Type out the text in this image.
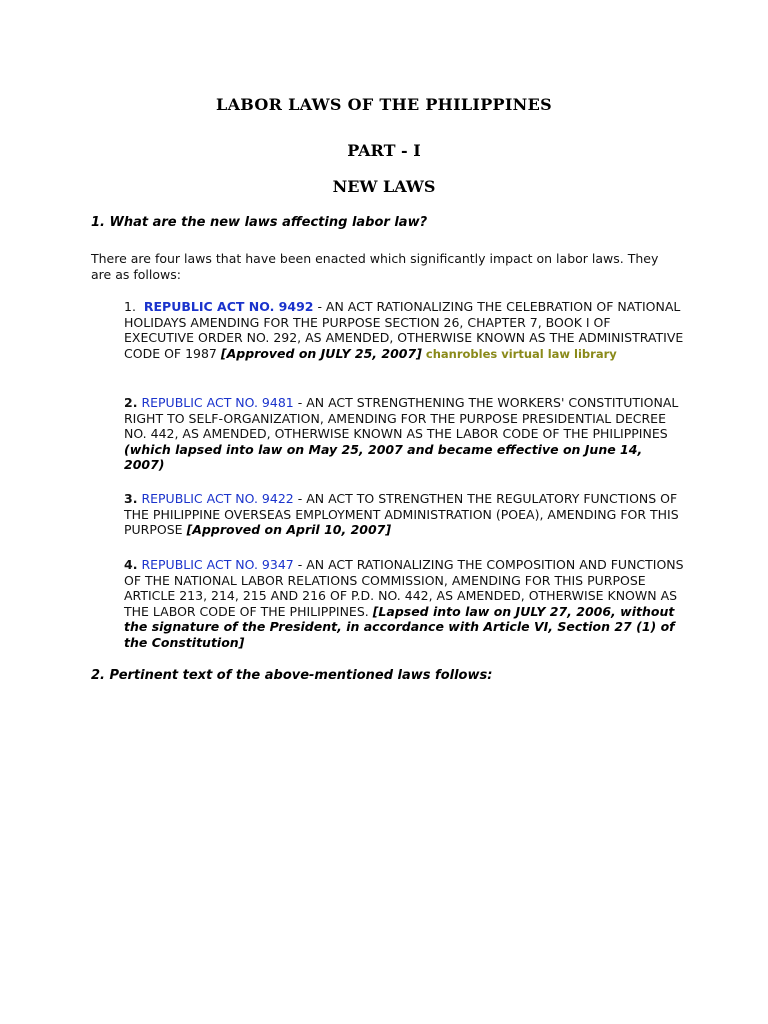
LABOR LAWS OF THE PHILIPPINES
PART - I
NEW LAWS
1. What are the new laws affecting labor law?
There are four laws that have been enacted which significantly impact on labor laws. They are as follows:
1. REPUBLIC ACT NO. 9492 - AN ACT RATIONALIZING THE CELEBRATION OF NATIONAL HOLIDAYS AMENDING FOR THE PURPOSE SECTION 26, CHAPTER 7, BOOK I OF EXECUTIVE ORDER NO. 292, AS AMENDED, OTHERWISE KNOWN AS THE ADMINISTRATIVE CODE OF 1987 [Approved on JULY 25, 2007] chanrobles virtual law library
2. REPUBLIC ACT NO. 9481 - AN ACT STRENGTHENING THE WORKERS' CONSTITUTIONAL RIGHT TO SELF-ORGANIZATION, AMENDING FOR THE PURPOSE PRESIDENTIAL DECREE NO. 442, AS AMENDED, OTHERWISE KNOWN AS THE LABOR CODE OF THE PHILIPPINES (which lapsed into law on May 25, 2007 and became effective on June 14, 2007)
3. REPUBLIC ACT NO. 9422 - AN ACT TO STRENGTHEN THE REGULATORY FUNCTIONS OF THE PHILIPPINE OVERSEAS EMPLOYMENT ADMINISTRATION (POEA), AMENDING FOR THIS PURPOSE [Approved on April 10, 2007]
4. REPUBLIC ACT NO. 9347 - AN ACT RATIONALIZING THE COMPOSITION AND FUNCTIONS OF THE NATIONAL LABOR RELATIONS COMMISSION, AMENDING FOR THIS PURPOSE ARTICLE 213, 214, 215 AND 216 OF P.D. NO. 442, AS AMENDED, OTHERWISE KNOWN AS THE LABOR CODE OF THE PHILIPPINES. [Lapsed into law on JULY 27, 2006, without the signature of the President, in accordance with Article VI, Section 27 (1) of the Constitution]
2. Pertinent text of the above-mentioned laws follows:
